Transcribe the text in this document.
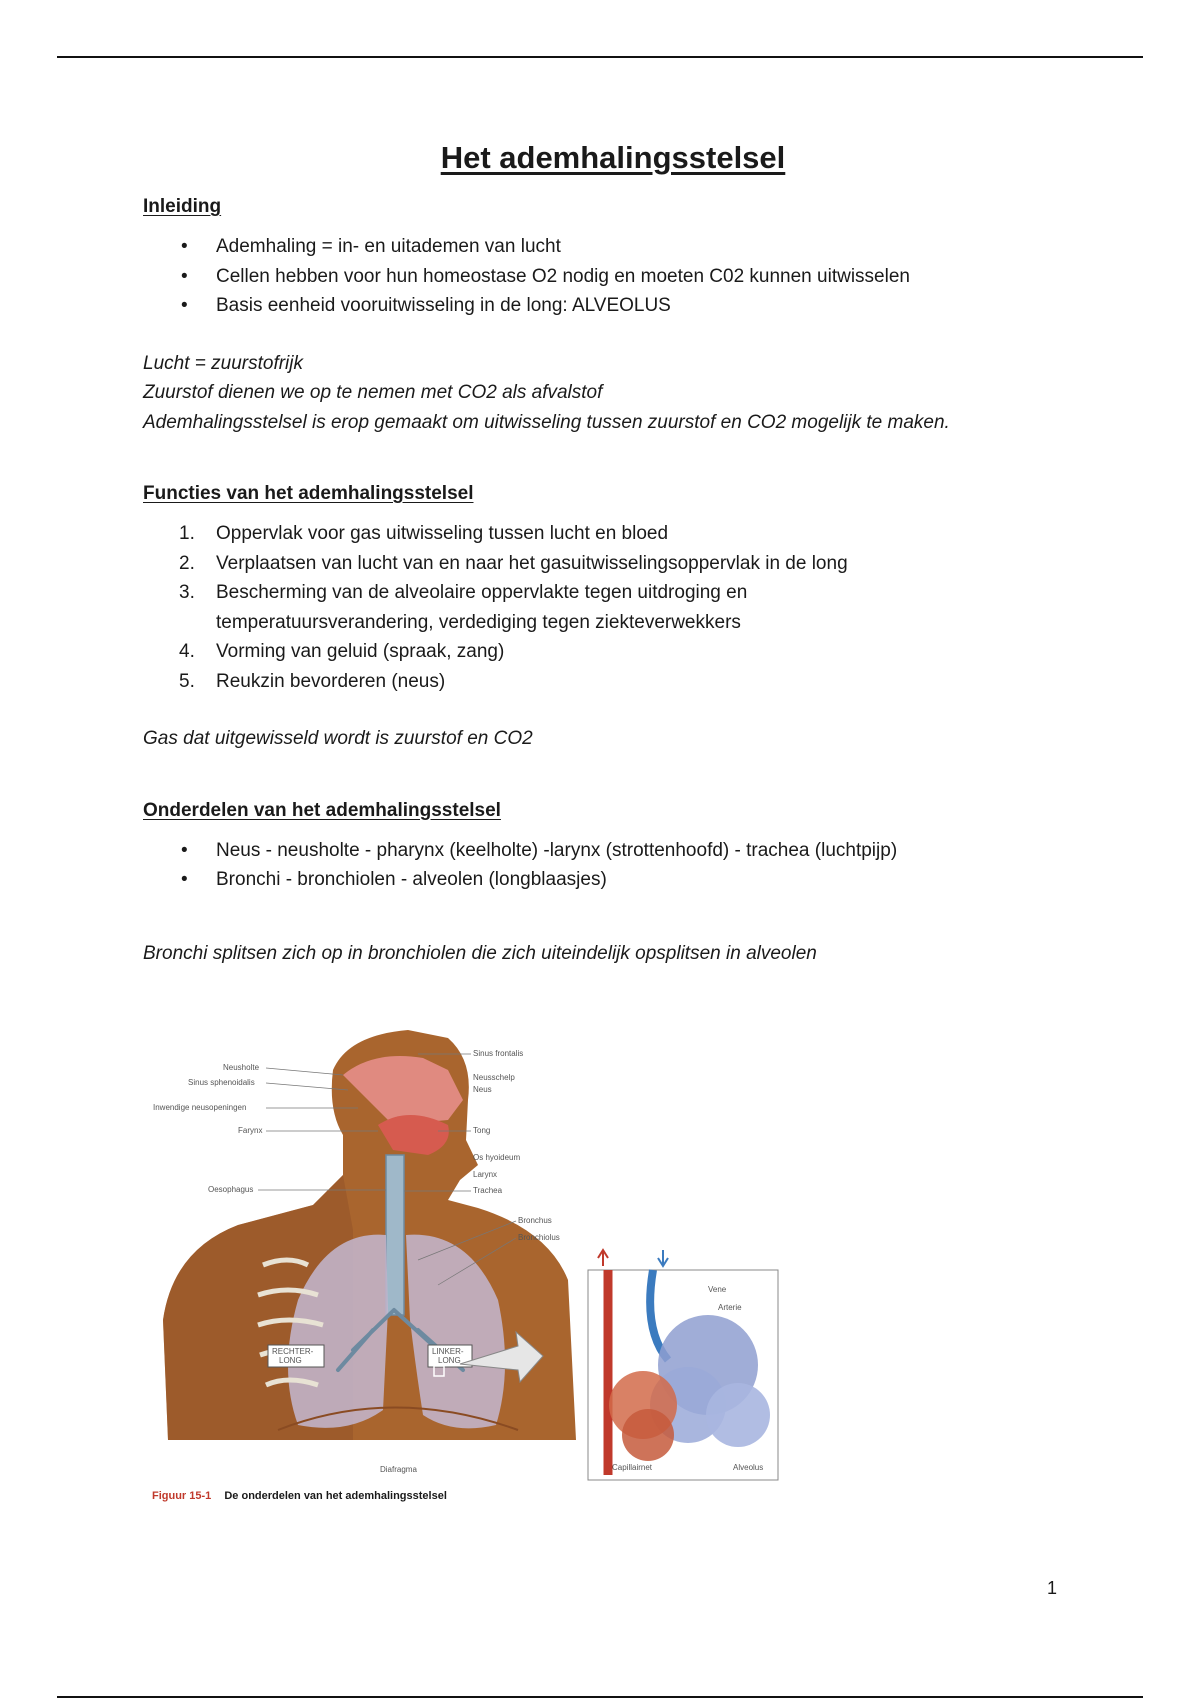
Het ademhalingsstelsel
Inleiding
• Ademhaling = in- en uitademen van lucht
• Cellen hebben voor hun homeostase O2 nodig en moeten C02 kunnen uitwisselen
• Basis eenheid vooruitwisseling in de long: ALVEOLUS
Lucht = zuurstofrijk
Zuurstof dienen we op te nemen met CO2 als afvalstof
Ademhalingsstelsel is erop gemaakt om uitwisseling tussen zuurstof en CO2 mogelijk te maken.
Functies van het ademhalingsstelsel
1. Oppervlak voor gas uitwisseling tussen lucht en bloed
2. Verplaatsen van lucht van en naar het gasuitwisselingsoppervlak in de long
3. Bescherming van de alveolaire oppervlakte tegen uitdroging en temperatuursverandering, verdediging tegen ziekteverwekkers
4. Vorming van geluid (spraak, zang)
5. Reukzin bevorderen (neus)
Gas dat uitgewisseld wordt is zuurstof en CO2
Onderdelen van het ademhalingsstelsel
• Neus - neusholte - pharynx (keelholte) -larynx (strottenhoofd) - trachea (luchtpijp)
• Bronchi - bronchiolen - alveolen (longblaasjes)
Bronchi splitsen zich op in bronchiolen die zich uiteindelijk opsplitsen in alveolen
RECHTER-
LONG
LINKER-
LONG
Diafragma
Neusholte
Sinus sphenoidalis
Inwendige neusopeningen
Farynx
Oesophagus
Sinus frontalis
Neusschelp
Neus
Tong
Os hyoideum
Larynx
Trachea
Bronchus
Bronchiolus
Vene
Arterie
Capillairnet	Alveolus
Figuur 15-1 De onderdelen van het ademhalingsstelsel
1
